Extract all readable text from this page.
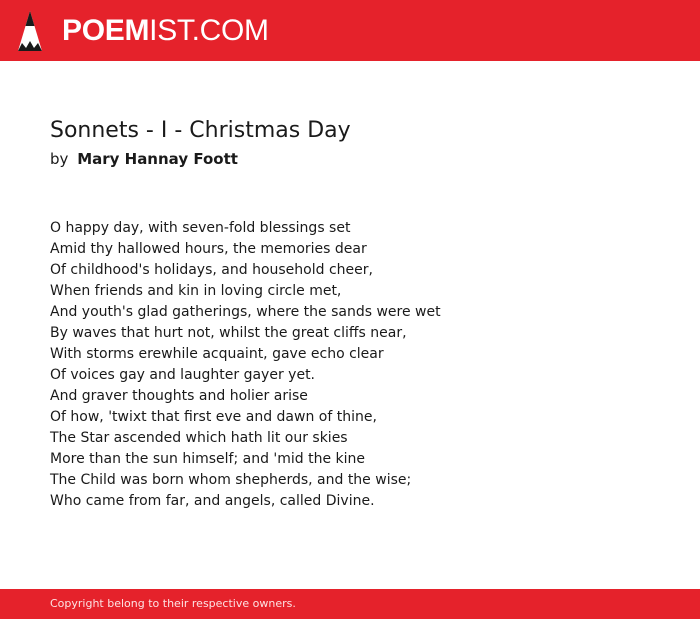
POEMIST.COM
Sonnets - I - Christmas Day
by Mary Hannay Foott
O happy day, with seven-fold blessings set
Amid thy hallowed hours, the memories dear
Of childhood's holidays, and household cheer,
When friends and kin in loving circle met,
And youth's glad gatherings, where the sands were wet
By waves that hurt not, whilst the great cliffs near,
With storms erewhile acquaint, gave echo clear
Of voices gay and laughter gayer yet.
And graver thoughts and holier arise
Of how, 'twixt that first eve and dawn of thine,
The Star ascended which hath lit our skies
More than the sun himself; and 'mid the kine
The Child was born whom shepherds, and the wise;
Who came from far, and angels, called Divine.
Copyright belong to their respective owners.
